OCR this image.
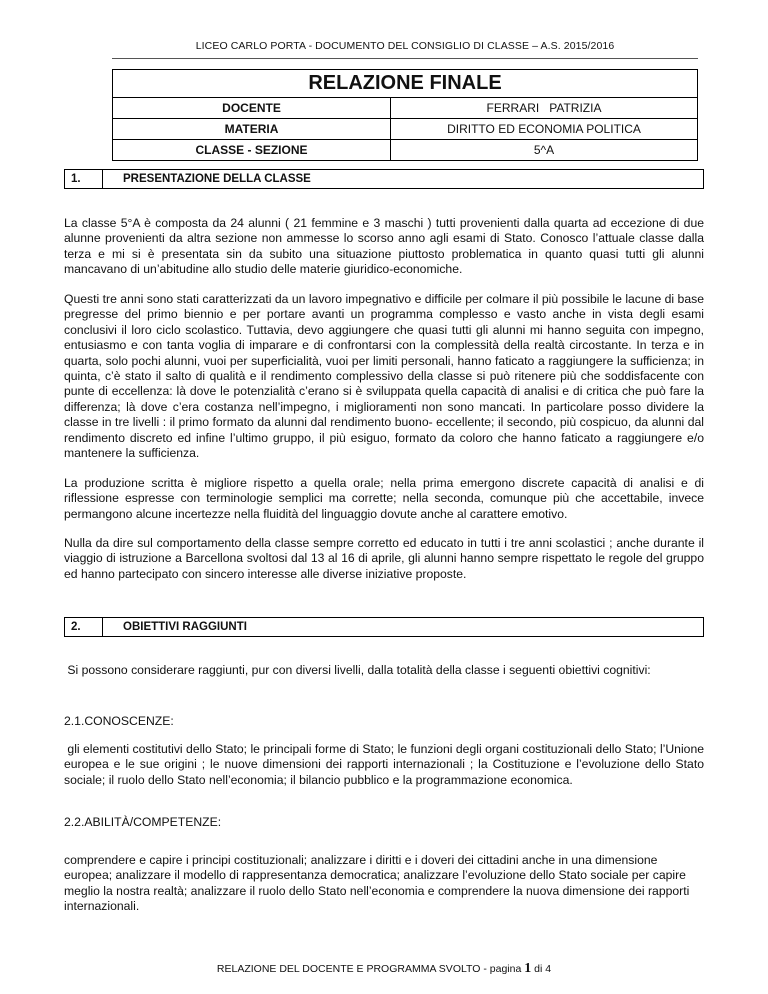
LICEO CARLO PORTA - DOCUMENTO DEL CONSIGLIO DI CLASSE – A.S. 2015/2016
RELAZIONE FINALE	
DOCENTE	FERRARI   PATRIZIA
MATERIA	DIRITTO ED ECONOMIA POLITICA
CLASSE - SEZIONE	5^A
1.	PRESENTAZIONE DELLA CLASSE
La classe 5°A è composta da 24 alunni ( 21 femmine e 3 maschi ) tutti provenienti dalla quarta ad eccezione di due alunne provenienti da altra sezione non ammesse lo scorso anno agli esami di Stato. Conosco l’attuale classe dalla terza e mi si è presentata sin da subito una situazione piuttosto problematica in quanto quasi tutti gli alunni mancavano di un’abitudine allo studio delle materie giuridico-economiche.
Questi tre anni sono stati caratterizzati da un lavoro impegnativo e difficile per colmare il più possibile le lacune di base pregresse del primo biennio e per portare avanti un programma complesso e vasto anche in vista degli esami conclusivi il loro ciclo scolastico. Tuttavia, devo aggiungere che quasi tutti gli alunni mi hanno seguita con impegno, entusiasmo e con tanta voglia di imparare e di confrontarsi con la complessità della realtà circostante. In terza e in quarta, solo pochi alunni, vuoi per superficialità, vuoi per limiti personali, hanno faticato a raggiungere la sufficienza; in quinta, c’è stato il salto di qualità e il rendimento complessivo della classe si può ritenere più che soddisfacente con punte di eccellenza: là dove le potenzialità c’erano si è sviluppata quella capacità di analisi e di critica che può fare la differenza; là dove c’era costanza nell’impegno, i miglioramenti non sono mancati. In particolare posso dividere la classe in tre livelli : il primo formato da alunni dal rendimento buono- eccellente; il secondo, più cospicuo, da alunni dal rendimento discreto ed infine l’ultimo gruppo, il più esiguo, formato da coloro che hanno faticato a raggiungere e/o mantenere la sufficienza.
La produzione scritta è migliore rispetto a quella orale; nella prima emergono discrete capacità di analisi e di riflessione espresse con terminologie semplici ma corrette; nella seconda, comunque più che accettabile, invece permangono alcune incertezze nella fluidità del linguaggio dovute anche al carattere emotivo.
Nulla da dire sul comportamento della classe sempre corretto ed educato in tutti i tre anni scolastici ; anche durante il viaggio di istruzione a Barcellona svoltosi dal 13 al 16 di aprile, gli alunni hanno sempre rispettato le regole del gruppo ed hanno partecipato con sincero interesse alle diverse iniziative proposte.
2.	OBIETTIVI RAGGIUNTI
Si possono considerare raggiunti, pur con diversi livelli, dalla totalità della classe i seguenti obiettivi cognitivi:
2.1.CONOSCENZE:
gli elementi costitutivi dello Stato; le principali forme di Stato; le funzioni degli organi costituzionali dello Stato; l’Unione europea e le sue origini ; le nuove dimensioni dei rapporti internazionali ; la Costituzione e l’evoluzione dello Stato sociale; il ruolo dello Stato nell’economia; il bilancio pubblico e la programmazione economica.
2.2.ABILITÀ/COMPETENZE:
comprendere e capire i principi costituzionali; analizzare i diritti e i doveri dei cittadini anche in una dimensione europea; analizzare il modello di rappresentanza democratica; analizzare l’evoluzione dello Stato sociale per capire meglio la nostra realtà; analizzare il ruolo dello Stato nell’economia e comprendere la nuova dimensione dei rapporti internazionali.
RELAZIONE DEL DOCENTE E PROGRAMMA SVOLTO - pagina 1 di 4
